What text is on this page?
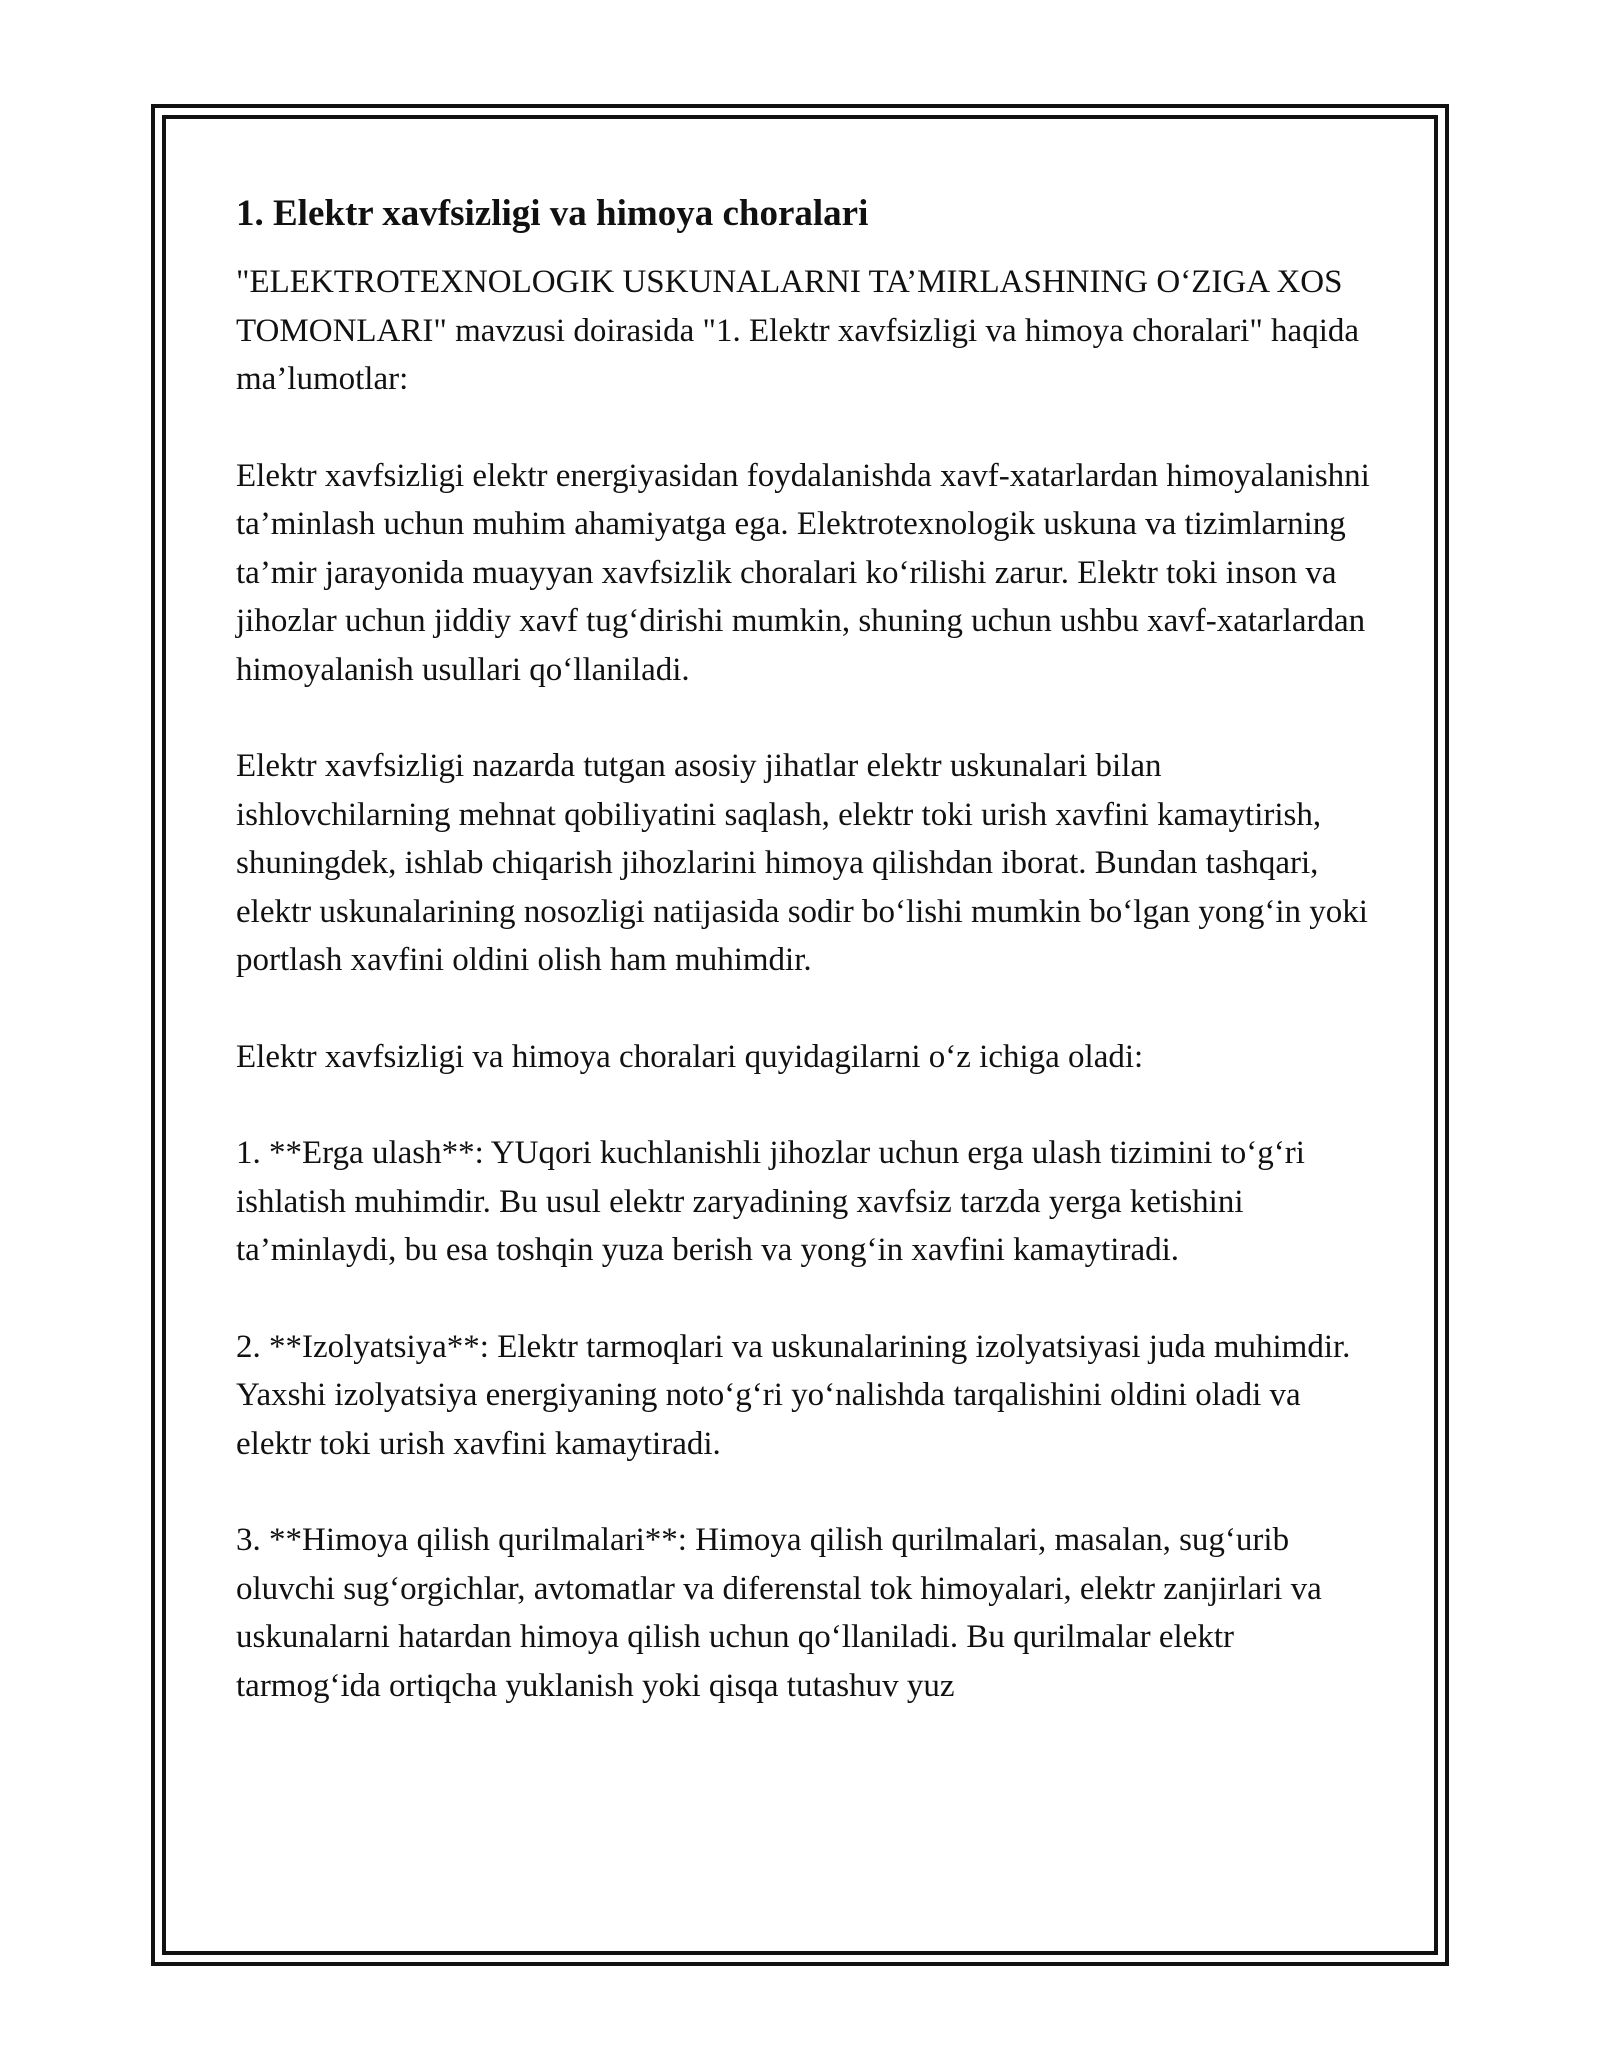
1. Elektr xavfsizligi va himoya choralari

"ELEKTROTEXNOLOGIK USKUNALARNI TA’MIRLASHNING O‘ZIGA XOS TOMONLARI" mavzusi doirasida "1. Elektr xavfsizligi va himoya choralari" haqida ma’lumotlar:

Elektr xavfsizligi elektr energiyasidan foydalanishda xavf-xatarlardan himoyalanishni ta’minlash uchun muhim ahamiyatga ega. Elektrotexnologik uskuna va tizimlarning ta’mir jarayonida muayyan xavfsizlik choralari ko‘rilishi zarur. Elektr toki inson va jihozlar uchun jiddiy xavf tug‘dirishi mumkin, shuning uchun ushbu xavf-xatarlardan himoyalanish usullari qo‘llaniladi.

Elektr xavfsizligi nazarda tutgan asosiy jihatlar elektr uskunalari bilan ishlovchilarning mehnat qobiliyatini saqlash, elektr toki urish xavfini kamaytirish, shuningdek, ishlab chiqarish jihozlarini himoya qilishdan iborat. Bundan tashqari, elektr uskunalarining nosozligi natijasida sodir bo‘lishi mumkin bo‘lgan yong‘in yoki portlash xavfini oldini olish ham muhimdir.

Elektr xavfsizligi va himoya choralari quyidagilarni o‘z ichiga oladi:

1. **Erga ulash**: YUqori kuchlanishli jihozlar uchun erga ulash tizimini to‘g‘ri ishlatish muhimdir. Bu usul elektr zaryadining xavfsiz tarzda yerga ketishini ta’minlaydi, bu esa toshqin yuza berish va yong‘in xavfini kamaytiradi.

2. **Izolyatsiya**: Elektr tarmoqlari va uskunalarining izolyatsiyasi juda muhimdir. Yaxshi izolyatsiya energiyaning noto‘g‘ri yo‘nalishda tarqalishini oldini oladi va elektr toki urish xavfini kamaytiradi.

3. **Himoya qilish qurilmalari**: Himoya qilish qurilmalari, masalan, sug‘urib oluvchi sug‘orgichlar, avtomatlar va diferenstal tok himoyalari, elektr zanjirlari va uskunalarni hatardan himoya qilish uchun qo‘llaniladi. Bu qurilmalar elektr tarmog‘ida ortiqcha yuklanish yoki qisqa tutashuv yuz
